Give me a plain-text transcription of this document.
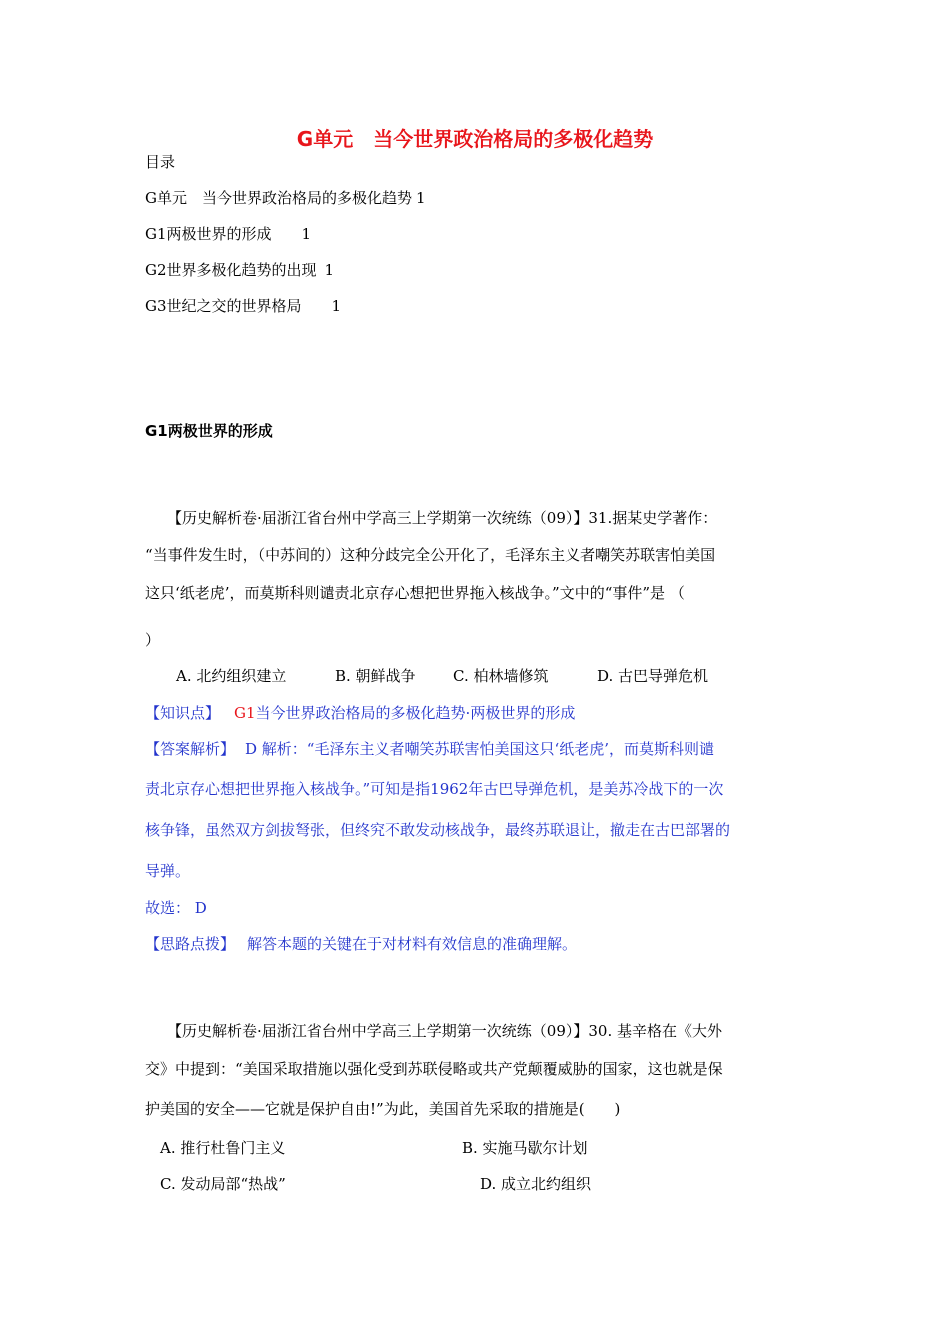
G单元　当今世界政治格局的多极化趋势
目录
G单元　当今世界政治格局的多极化趋势 1
G1两极世界的形成 1
G2世界多极化趋势的出现 1
G3世纪之交的世界格局 1
G1两极世界的形成
【历史解析卷·届浙江省台州中学高三上学期第一次统练（09）】31.据某史学著作：
“当事件发生时，（中苏间的）这种分歧完全公开化了，毛泽东主义者嘲笑苏联害怕美国
这只‘纸老虎’，而莫斯科则谴责北京存心想把世界拖入核战争。”文中的“事件”是 （
）
A. 北约组织建立	B. 朝鲜战争 C. 柏林墙修筑	D. 古巴导弹危机
【知识点】 G1当今世界政治格局的多极化趋势·两极世界的形成
【答案解析】 D 解析：“毛泽东主义者嘲笑苏联害怕美国这只‘纸老虎’，而莫斯科则谴
责北京存心想把世界拖入核战争。”可知是指1962年古巴导弹危机，是美苏冷战下的一次
核争锋，虽然双方剑拔弩张，但终究不敢发动核战争，最终苏联退让，撤走在古巴部署的
导弹。
故选： D
【思路点拨】 解答本题的关键在于对材料有效信息的准确理解。
【历史解析卷·届浙江省台州中学高三上学期第一次统练（09）】30. 基辛格在《大外
交》中提到：“美国采取措施以强化受到苏联侵略或共产党颠覆威胁的国家，这也就是保
护美国的安全——它就是保护自由!”为此，美国首先采取的措施是(　　)
A. 推行杜鲁门主义	B. 实施马歇尔计划
C. 发动局部“热战”	D. 成立北约组织
